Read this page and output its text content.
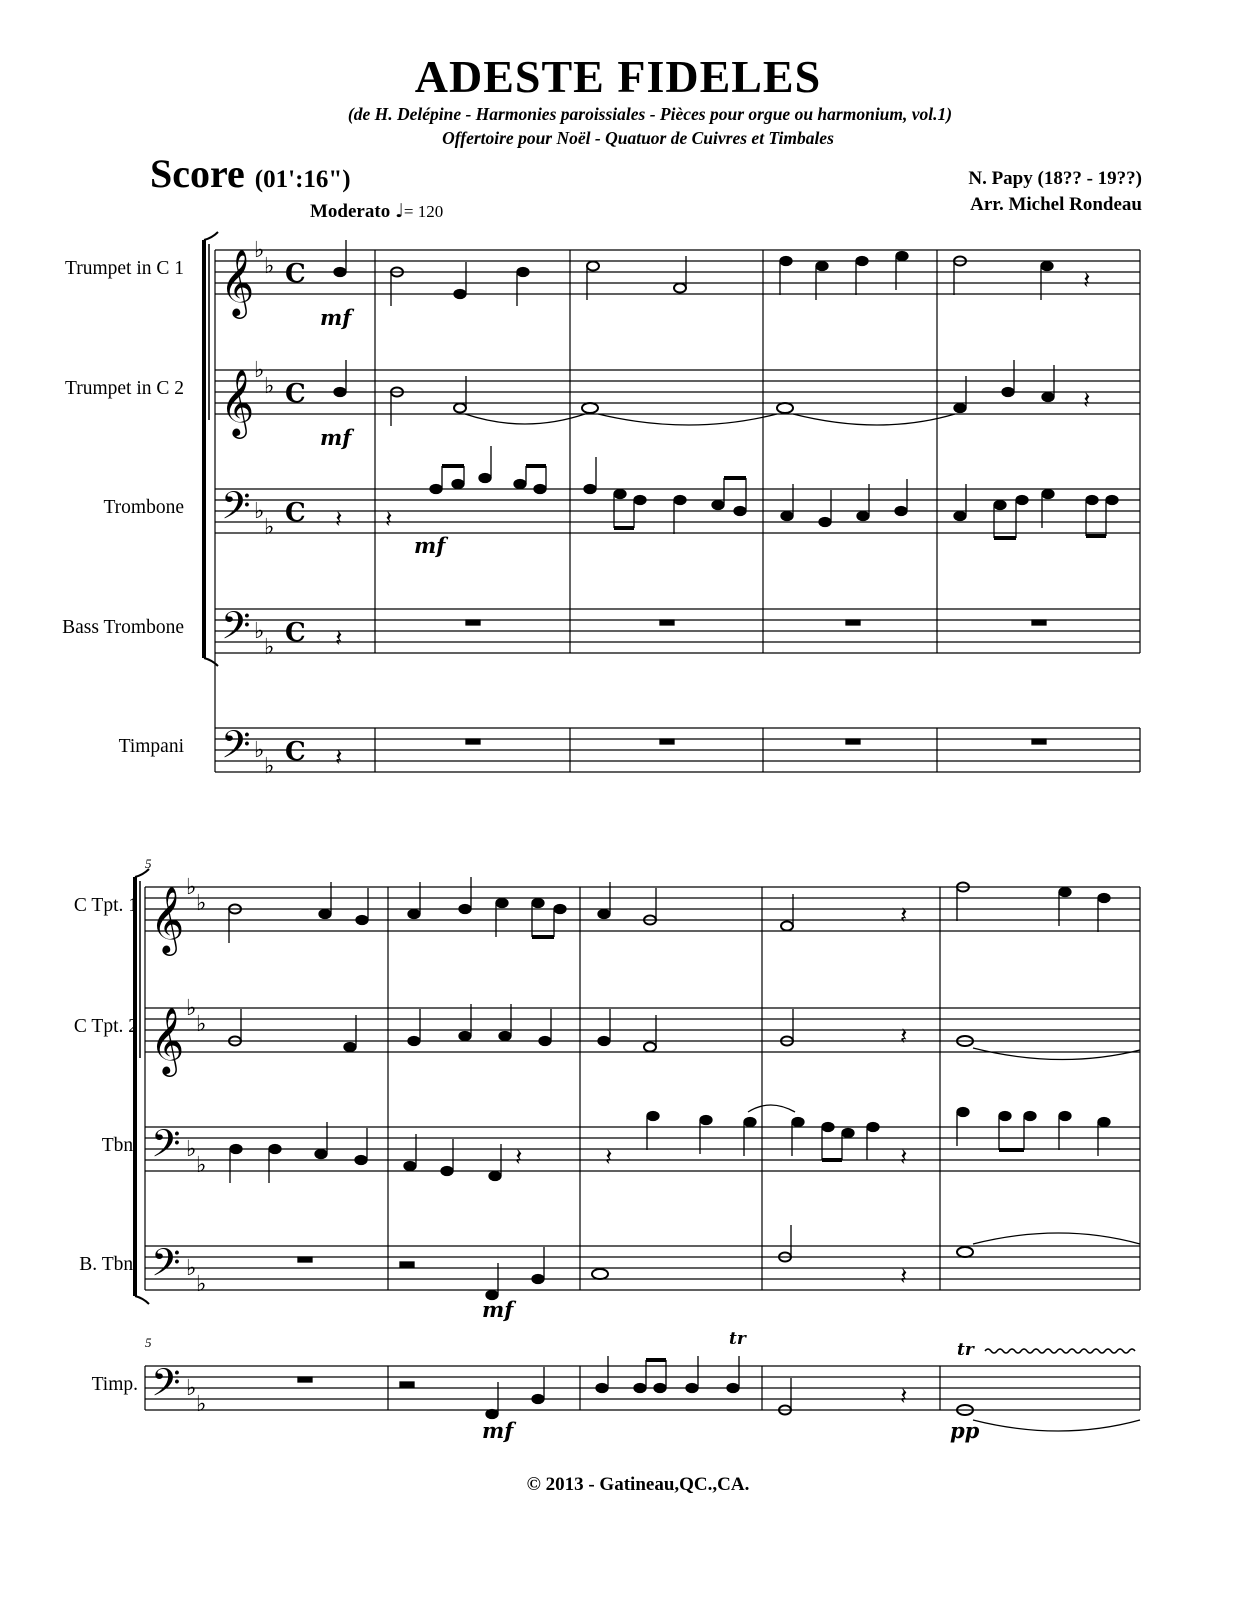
ADESTE FIDELES
(de H. Delépine - Harmonies paroissiales - Pièces pour orgue ou harmonium, vol.1)
Offertoire pour Noël - Quatuor de Cuivres et Timbales
Score (01':16")	N. Papy (18?? - 19??)
Arr. Michel Rondeau
Moderato ♩= 120
Trumpet in C 1
Trumpet in C 2
Trombone
Bass Trombone
Timpani
C Tpt. 1
C Tpt. 2
Tbn.
B. Tbn.
Timp.
𝄞
𝄞
𝄢
𝄢
𝄢
♭
♭
♭
♭
♭
♭
♭
♭
♭
♭
C
C
C
C
C
𝄞
𝄞
𝄢
𝄢
𝄢
♭
♭
♭
♭
♭
♭
♭
♭
♭
♭
𝄽 𝄽
𝄽
𝄽
𝄽
𝄽
𝄽
𝄽
𝄽	𝄽	𝄽
𝄽
𝄽
mf
mf
mf
mf
mf	pp
tr
tr
5
5
© 2013 - Gatineau,QC.,CA.
